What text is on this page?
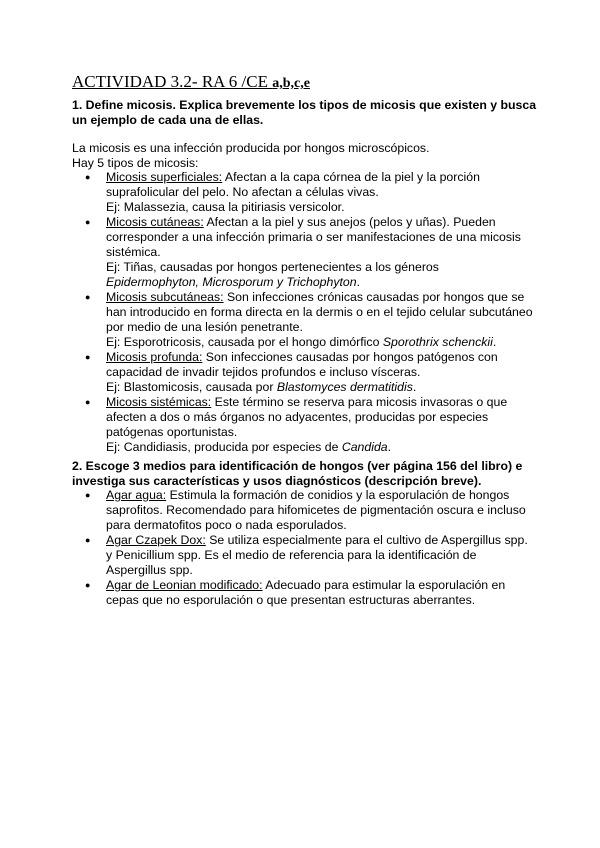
ACTIVIDAD 3.2- RA 6 /CE a,b,c,e
1. Define micosis. Explica brevemente los tipos de micosis que existen y busca un ejemplo de cada una de ellas.
La micosis es una infección producida por hongos microscópicos.
Hay 5 tipos de micosis:
● Micosis superficiales: Afectan a la capa córnea de la piel y la porción suprafolicular del pelo. No afectan a células vivas.
Ej: Malassezia, causa la pitiriasis versicolor.
● Micosis cutáneas: Afectan a la piel y sus anejos (pelos y uñas). Pueden corresponder a una infección primaria o ser manifestaciones de una micosis sistémica.
Ej: Tiñas, causadas por hongos pertenecientes a los géneros Epidermophyton, Microsporum y Trichophyton.
● Micosis subcutáneas: Son infecciones crónicas causadas por hongos que se han introducido en forma directa en la dermis o en el tejido celular subcutáneo por medio de una lesión penetrante.
Ej: Esporotricosis, causada por el hongo dimórfico Sporothrix schenckii.
● Micosis profunda: Son infecciones causadas por hongos patógenos con capacidad de invadir tejidos profundos e incluso vísceras.
Ej: Blastomicosis, causada por Blastomyces dermatitidis.
● Micosis sistémicas: Este término se reserva para micosis invasoras o que afecten a dos o más órganos no adyacentes, producidas por especies patógenas oportunistas.
Ej: Candidiasis, producida por especies de Candida.
2. Escoge 3 medios para identificación de hongos (ver página 156 del libro) e investiga sus características y usos diagnósticos (descripción breve).
● Agar agua: Estimula la formación de conidios y la esporulación de hongos saprofitos. Recomendado para hifomicetes de pigmentación oscura e incluso para dermatofitos poco o nada esporulados.
● Agar Czapek Dox: Se utiliza especialmente para el cultivo de Aspergillus spp. y Penicillium spp. Es el medio de referencia para la identificación de Aspergillus spp.
● Agar de Leonian modificado: Adecuado para estimular la esporulación en cepas que no esporulación o que presentan estructuras aberrantes.
